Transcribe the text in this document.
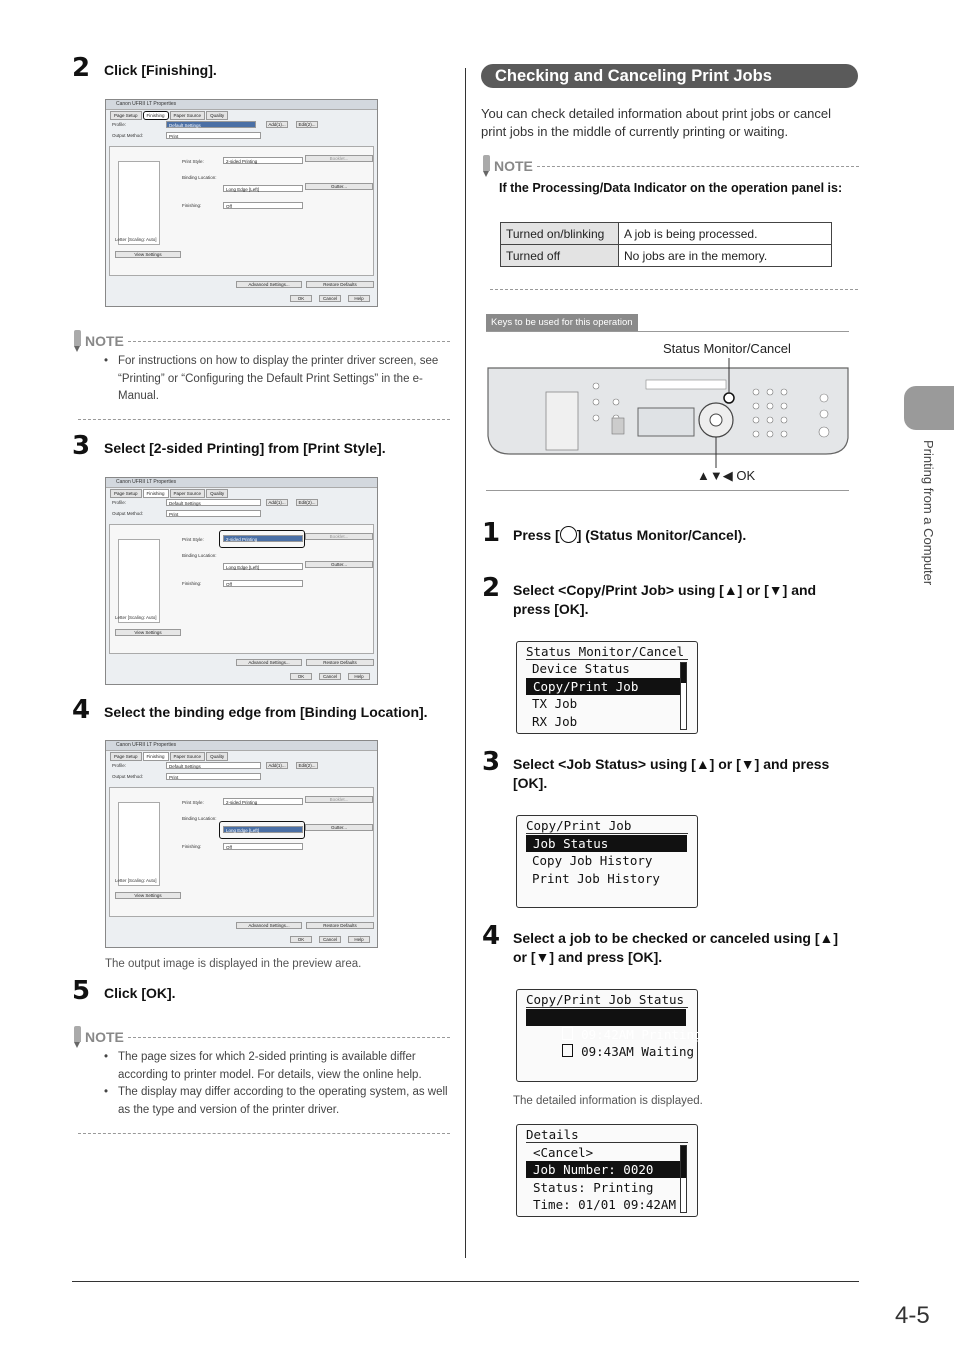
2 Click [Finishing].
Canon UFRII LT Properties
Page Setup	Finishing	Paper Source	Quality
Profile:	Default Settings	Add(1)...	Edit(2)...
Output Method:	Print
Letter [Scaling: Auto]
Print Style:	2-sided Printing
Booklet...
Binding Location:
Long Edge [Left]
Gutter...
Finishing:	Off
View Settings
Advanced Settings...	Restore Defaults
OK	Cancel	Help
NOTE
• For instructions on how to display the printer driver screen, see “Printing” or “Configuring the Default Print Settings” in the e-Manual.
3 Select [2-sided Printing] from [Print Style].
Canon UFRII LT Properties
Page Setup	Finishing	Paper Source	Quality
Profile:	Default Settings	Add(1)...	Edit(2)...
Output Method:	Print
Letter [Scaling: Auto]
Print Style:	2-sided Printing
Booklet...
Binding Location:
Long Edge [Left]
Gutter...
Finishing:	Off
View Settings
Advanced Settings...	Restore Defaults
OK	Cancel	Help
4 Select the binding edge from [Binding Location].
Canon UFRII LT Properties
Page Setup	Finishing	Paper Source	Quality
Profile:	Default Settings	Add(1)...	Edit(2)...
Output Method:	Print
Letter [Scaling: Auto]
Print Style:	2-sided Printing
Booklet...
Binding Location:
Long Edge [Left]
Gutter...
Finishing:	Off
View Settings
Advanced Settings...	Restore Defaults
OK	Cancel	Help
The output image is displayed in the preview area.
5 Click [OK].
NOTE
• The page sizes for which 2-sided printing is available differ according to printer model. For details, view the online help.
• The display may differ according to the operating system, as well as the type and version of the printer driver.
Checking and Canceling Print Jobs
You can check detailed information about print jobs or cancel print jobs in the middle of currently printing or waiting.
NOTE
If the Processing/Data Indicator on the operation panel is:
Turned on/blinking	A job is being processed.
Turned off	No jobs are in the memory.
Keys to be used for this operation
Status Monitor/Cancel
▲▼◀ OK
1 Press [ ] (Status Monitor/Cancel).
2 Select <Copy/Print Job> using [▲] or [▼] and press [OK].
Status Monitor/Cancel
Device Status
Copy/Print Job
TX Job
RX Job
3 Select <Job Status> using [▲] or [▼] and press [OK].
Copy/Print Job
Job Status
Copy Job History
Print Job History
4 Select a job to be checked or canceled using [▲] or [▼] and press [OK].
Copy/Print Job Status

09:42AM Printing

09:43AM Waiting

The detailed information is displayed.
Details
<Cancel>
Job Number: 0020
Status: Printing
Time: 01/01 09:42AM
Printing from a Computer
4-5
